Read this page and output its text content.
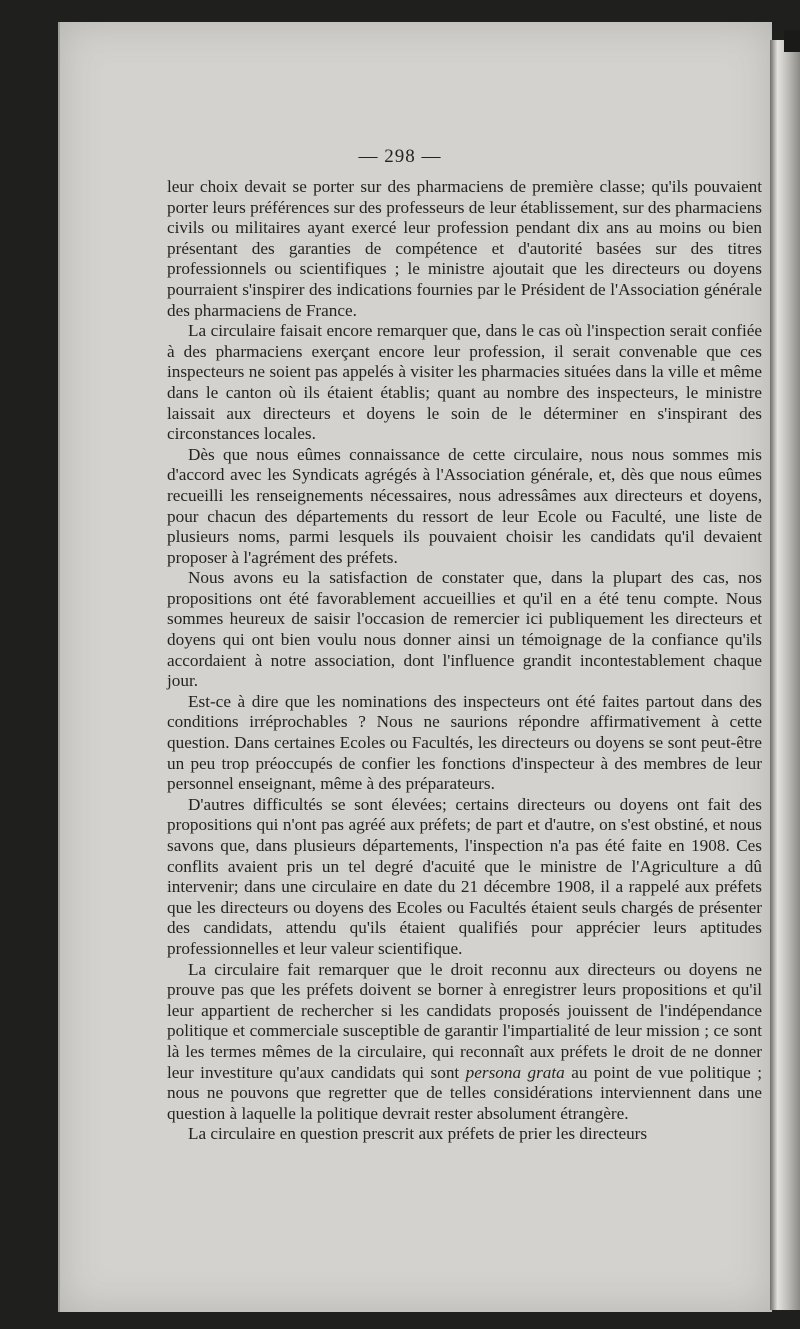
— 298 —

leur choix devait se porter sur des pharmaciens de première classe; qu'ils pouvaient porter leurs préférences sur des professeurs de leur établissement, sur des pharmaciens civils ou militaires ayant exercé leur profession pendant dix ans au moins ou bien présentant des garanties de compétence et d'autorité basées sur des titres professionnels ou scientifiques ; le ministre ajoutait que les directeurs ou doyens pourraient s'inspirer des indications fournies par le Président de l'Association générale des pharmaciens de France.

La circulaire faisait encore remarquer que, dans le cas où l'inspection serait confiée à des pharmaciens exerçant encore leur profession, il serait convenable que ces inspecteurs ne soient pas appelés à visiter les pharmacies situées dans la ville et même dans le canton où ils étaient établis; quant au nombre des inspecteurs, le ministre laissait aux directeurs et doyens le soin de le déterminer en s'inspirant des circonstances locales.

Dès que nous eûmes connaissance de cette circulaire, nous nous sommes mis d'accord avec les Syndicats agrégés à l'Association générale, et, dès que nous eûmes recueilli les renseignements nécessaires, nous adressâmes aux directeurs et doyens, pour chacun des départements du ressort de leur Ecole ou Faculté, une liste de plusieurs noms, parmi lesquels ils pouvaient choisir les candidats qu'il devaient proposer à l'agrément des préfets.

Nous avons eu la satisfaction de constater que, dans la plupart des cas, nos propositions ont été favorablement accueillies et qu'il en a été tenu compte. Nous sommes heureux de saisir l'occasion de remercier ici publiquement les directeurs et doyens qui ont bien voulu nous donner ainsi un témoignage de la confiance qu'ils accordaient à notre association, dont l'influence grandit incontestablement chaque jour.

Est-ce à dire que les nominations des inspecteurs ont été faites partout dans des conditions irréprochables ? Nous ne saurions répondre affirmativement à cette question. Dans certaines Ecoles ou Facultés, les directeurs ou doyens se sont peut-être un peu trop préoccupés de confier les fonctions d'inspecteur à des membres de leur personnel enseignant, même à des préparateurs.

D'autres difficultés se sont élevées; certains directeurs ou doyens ont fait des propositions qui n'ont pas agréé aux préfets; de part et d'autre, on s'est obstiné, et nous savons que, dans plusieurs départements, l'inspection n'a pas été faite en 1908. Ces conflits avaient pris un tel degré d'acuité que le ministre de l'Agriculture a dû intervenir; dans une circulaire en date du 21 décembre 1908, il a rappelé aux préfets que les directeurs ou doyens des Ecoles ou Facultés étaient seuls chargés de présenter des candidats, attendu qu'ils étaient qualifiés pour apprécier leurs aptitudes professionnelles et leur valeur scientifique.

La circulaire fait remarquer que le droit reconnu aux directeurs ou doyens ne prouve pas que les préfets doivent se borner à enregistrer leurs propositions et qu'il leur appartient de rechercher si les candidats proposés jouissent de l'indépendance politique et commerciale susceptible de garantir l'impartialité de leur mission ; ce sont là les termes mêmes de la circulaire, qui reconnaît aux préfets le droit de ne donner leur investiture qu'aux candidats qui sont persona grata au point de vue politique ; nous ne pouvons que regretter que de telles considérations interviennent dans une question à laquelle la politique devrait rester absolument étrangère.

La circulaire en question prescrit aux préfets de prier les directeurs
